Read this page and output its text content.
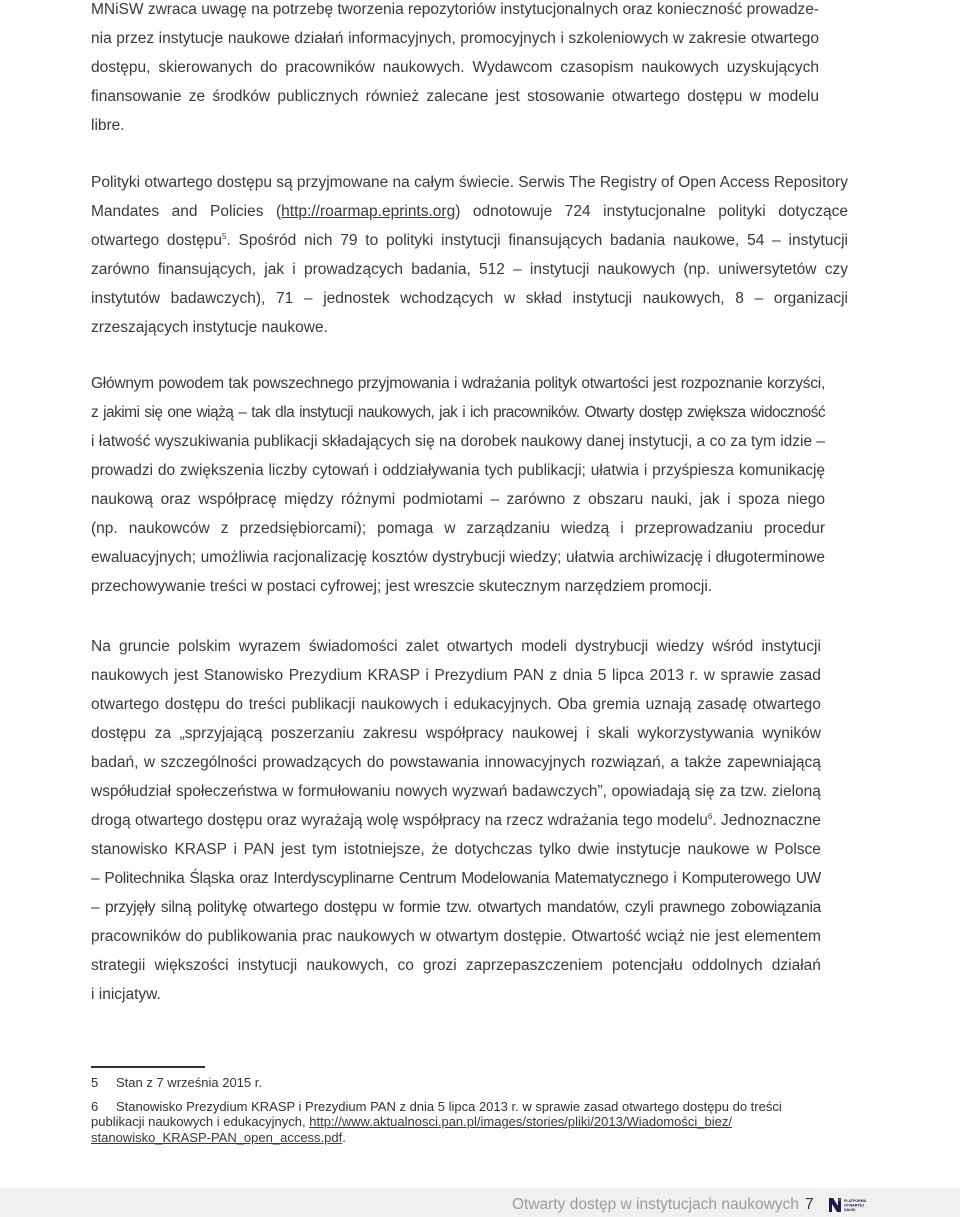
MNiSW zwraca uwagę na potrzebę tworzenia repozytoriów instytucjonalnych oraz konieczność prowadze-
nia przez instytucje naukowe działań informacyjnych, promocyjnych i szkoleniowych w zakresie otwartego
dostępu, skierowanych do pracowników naukowych. Wydawcom czasopism naukowych uzyskujących
finansowanie ze środków publicznych również zalecane jest stosowanie otwartego dostępu w modelu
libre.

Polityki otwartego dostępu są przyjmowane na całym świecie. Serwis The Registry of Open Access Repository
Mandates and Policies (http://roarmap.eprints.org) odnotowuje 724 instytucjonalne polityki dotyczące
otwartego dostępu$^5$. Spośród nich 79 to polityki instytucji finansujących badania naukowe, 54 – instytucji
zarówno finansujących, jak i prowadzących badania, 512 – instytucji naukowych (np. uniwersytetów czy
instytutów badawczych), 71 – jednostek wchodzących w skład instytucji naukowych, 8 – organizacji
zrzeszających instytucje naukowe.

Głównym powodem tak powszechnego przyjmowania i wdrażania polityk otwartości jest rozpoznanie korzyści,
z jakimi się one wiążą – tak dla instytucji naukowych, jak i ich pracowników. Otwarty dostęp zwiększa widoczność
i łatwość wyszukiwania publikacji składających się na dorobek naukowy danej instytucji, a co za tym idzie –
prowadzi do zwiększenia liczby cytowań i oddziaływania tych publikacji; ułatwia i przyśpiesza komunikację
naukową oraz współpracę między różnymi podmiotami – zarówno z obszaru nauki, jak i spoza niego
(np. naukowców z przedsiębiorcami); pomaga w zarządzaniu wiedzą i przeprowadzaniu procedur
ewaluacyjnych; umożliwia racjonalizację kosztów dystrybucji wiedzy; ułatwia archiwizację i długoterminowe
przechowywanie treści w postaci cyfrowej; jest wreszcie skutecznym narzędziem promocji.

Na gruncie polskim wyrazem świadomości zalet otwartych modeli dystrybucji wiedzy wśród instytucji
naukowych jest Stanowisko Prezydium KRASP i Prezydium PAN z dnia 5 lipca 2013 r. w sprawie zasad
otwartego dostępu do treści publikacji naukowych i edukacyjnych. Oba gremia uznają zasadę otwartego
dostępu za „sprzyjającą poszerzaniu zakresu współpracy naukowej i skali wykorzystywania wyników
badań, w szczególności prowadzących do powstawania innowacyjnych rozwiązań, a także zapewniającą
współudział społeczeństwa w formułowaniu nowych wyzwań badawczych”, opowiadają się za tzw. zieloną
drogą otwartego dostępu oraz wyrażają wolę współpracy na rzecz wdrażania tego modelu$^6$. Jednoznaczne
stanowisko KRASP i PAN jest tym istotniejsze, że dotychczas tylko dwie instytucje naukowe w Polsce
– Politechnika Śląska oraz Interdyscyplinarne Centrum Modelowania Matematycznego i Komputerowego UW
– przyjęły silną politykę otwartego dostępu w formie tzw. otwartych mandatów, czyli prawnego zobowiązania
pracowników do publikowania prac naukowych w otwartym dostępie. Otwartość wciąż nie jest elementem
strategii większości instytucji naukowych, co grozi zaprzepaszczeniem potencjału oddolnych działań
i inicjatyw.

5 Stan z 7 września 2015 r.
6 Stanowisko Prezydium KRASP i Prezydium PAN z dnia 5 lipca 2013 r. w sprawie zasad otwartego dostępu do treści
publikacji naukowych i edukacyjnych, http://www.aktualnosci.pan.pl/images/stories/pliki/2013/Wiadomości_biez/
stanowisko_KRASP-PAN_open_access.pdf.
Otwarty dostęp w instytucjach naukowych 7	PLATFORMA
OTWARTEJ
NAUKI
